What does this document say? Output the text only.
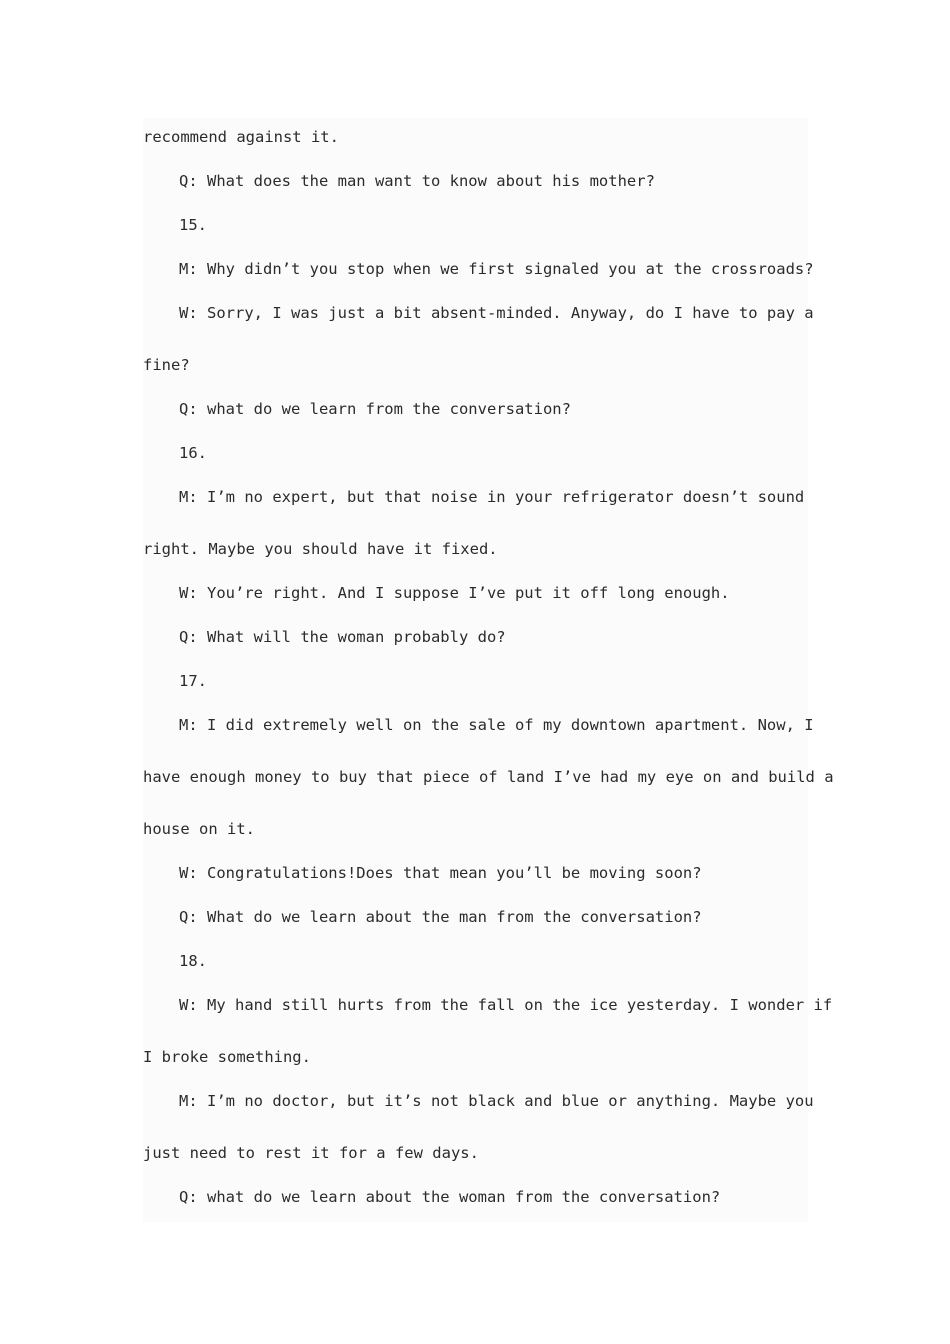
recommend against it.

Q: What does the man want to know about his mother?

15.

M: Why didn’t you stop when we first signaled you at the crossroads?

W: Sorry, I was just a bit absent-minded. Anyway, do I have to pay a

fine?

Q: what do we learn from the conversation?

16.

M: I’m no expert, but that noise in your refrigerator doesn’t sound

right. Maybe you should have it fixed.

W: You’re right. And I suppose I’ve put it off long enough.

Q: What will the woman probably do?

17.

M: I did extremely well on the sale of my downtown apartment. Now, I

have enough money to buy that piece of land I’ve had my eye on and build a

house on it.

W: Congratulations!Does that mean you’ll be moving soon?

Q: What do we learn about the man from the conversation?

18.

W: My hand still hurts from the fall on the ice yesterday. I wonder if

I broke something.

M: I’m no doctor, but it’s not black and blue or anything. Maybe you

just need to rest it for a few days.

Q: what do we learn about the woman from the conversation?
